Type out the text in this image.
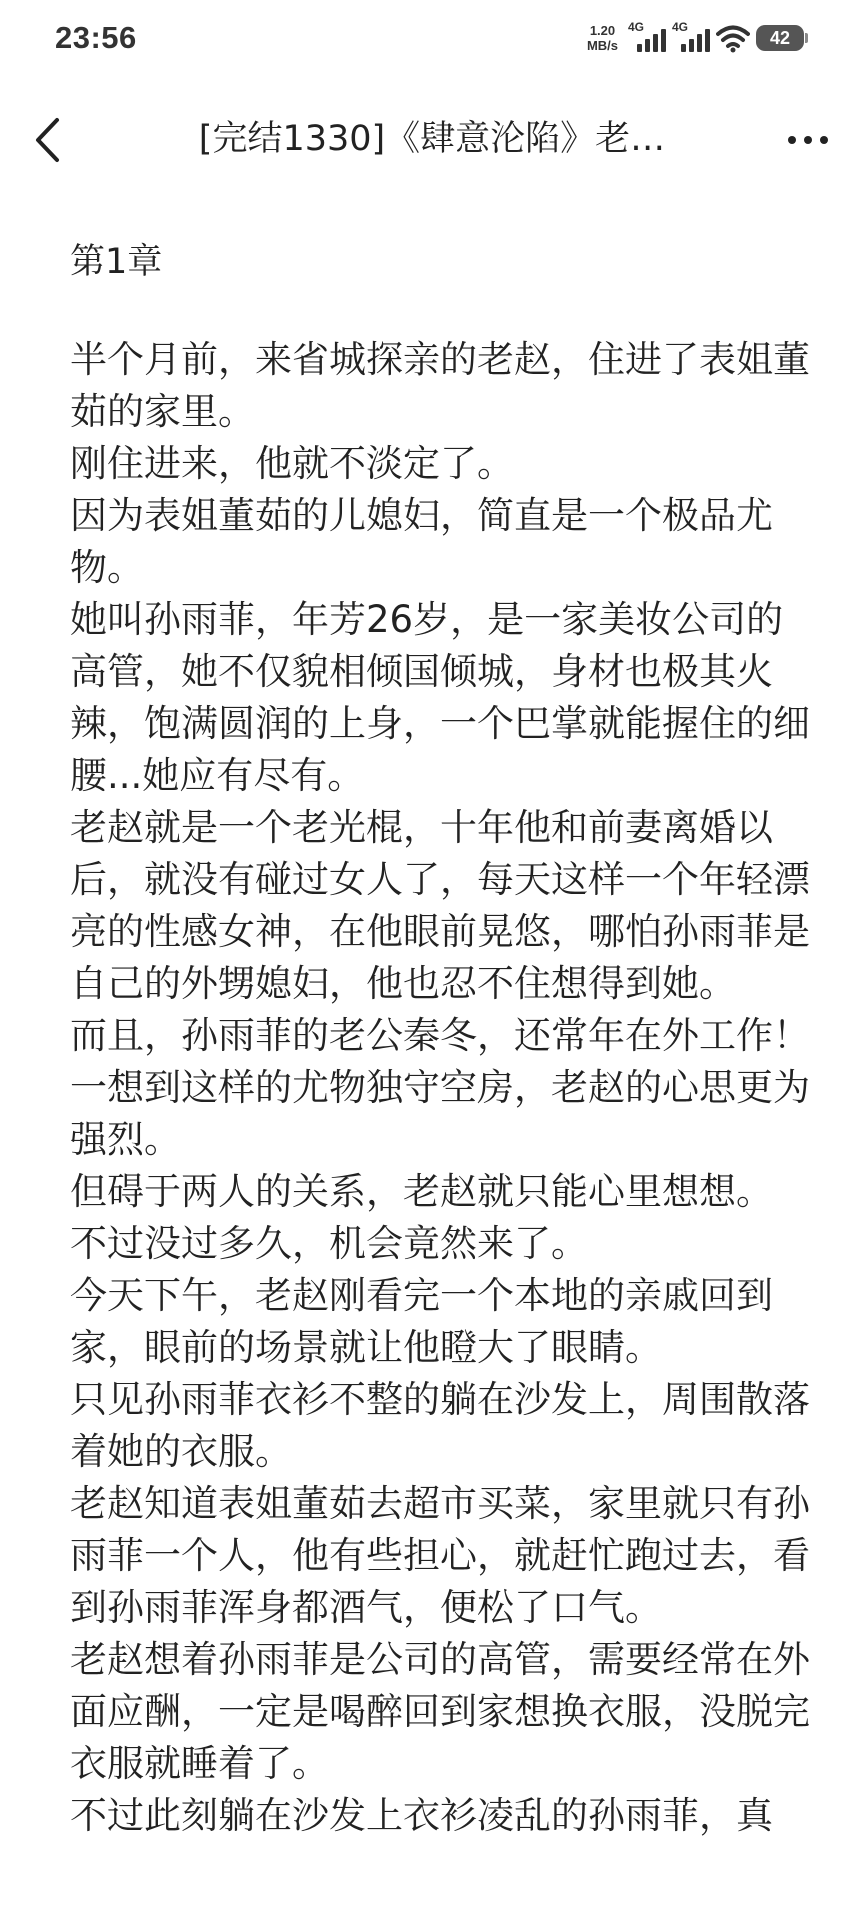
23:56	1.20
MB/s
4G 4G
42
[完结1330]《肆意沦陷》老…
第1章

半个月前，来省城探亲的老赵，住进了表姐董茹的家里。

刚住进来，他就不淡定了。

因为表姐董茹的儿媳妇，简直是一个极品尤物。

她叫孙雨菲，年芳26岁，是一家美妆公司的高管，她不仅貌相倾国倾城，身材也极其火辣，饱满圆润的上身，一个巴掌就能握住的细腰...她应有尽有。

老赵就是一个老光棍，十年他和前妻离婚以后，就没有碰过女人了，每天这样一个年轻漂亮的性感女神，在他眼前晃悠，哪怕孙雨菲是自己的外甥媳妇，他也忍不住想得到她。

而且，孙雨菲的老公秦冬，还常年在外工作！

一想到这样的尤物独守空房，老赵的心思更为强烈。

但碍于两人的关系，老赵就只能心里想想。

不过没过多久，机会竟然来了。

今天下午，老赵刚看完一个本地的亲戚回到家，眼前的场景就让他瞪大了眼睛。

只见孙雨菲衣衫不整的躺在沙发上，周围散落着她的衣服。

老赵知道表姐董茹去超市买菜，家里就只有孙雨菲一个人，他有些担心，就赶忙跑过去，看到孙雨菲浑身都酒气，便松了口气。

老赵想着孙雨菲是公司的高管，需要经常在外面应酬，一定是喝醉回到家想换衣服，没脱完衣服就睡着了。

不过此刻躺在沙发上衣衫凌乱的孙雨菲，真
